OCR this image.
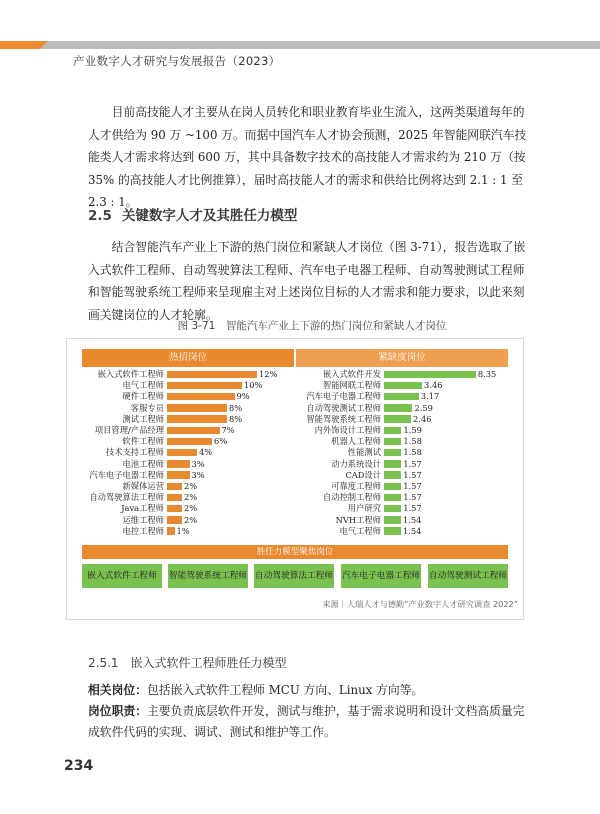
产业数字人才研究与发展报告（2023）
目前高技能人才主要从在岗人员转化和职业教育毕业生流入，这两类渠道每年的人才供给为 90 万 ~100 万。而据中国汽车人才协会预测，2025 年智能网联汽车技能类人才需求将达到 600 万，其中具备数字技术的高技能人才需求约为 210 万（按 35% 的高技能人才比例推算），届时高技能人才的需求和供给比例将达到 2.1 : 1 至 2.3 : 1。
2.5 关键数字人才及其胜任力模型
结合智能汽车产业上下游的热门岗位和紧缺人才岗位（图 3-71），报告选取了嵌入式软件工程师、自动驾驶算法工程师、汽车电子电器工程师、自动驾驶测试工程师和智能驾驶系统工程师来呈现雇主对上述岗位目标的人才需求和能力要求，以此来刻画关键岗位的人才轮廓。
图 3-71　智能汽车产业上下游的热门岗位和紧缺人才岗位
热招岗位	紧缺度岗位
嵌入式软件工程师	12%
电气工程师	10%
硬件工程师	9%
客服专员	8%
测试工程师	8%
项目管理/产品经理	7%
软件工程师	6%
技术支持工程师	4%
电池工程师	3%
汽车电子电器工程师	3%
新媒体运营 2%
自动驾驶算法工程师 2%
Java工程师 2%
运维工程师 2%
电控工程师 1%
嵌入式软件开发	8.35
智能网联工程师	3.46
汽车电子电器工程师	3.17
自动驾驶测试工程师	2.59
智能驾驶系统工程师	2.46
内外饰设计工程师	1.59
机器人工程师	1.58
性能测试	1.58
动力系统设计	1.57
CAD设计	1.57
可靠度工程师	1.57
自动控制工程师	1.57
用户研究	1.57
NVH工程师	1.54
电气工程师	1.54
胜任力模型聚焦岗位
嵌入式软件工程师	智能驾驶系统工程师 自动驾驶算法工程师 汽车电子电器工程师 自动驾驶测试工程师
来源｜人瑞人才与德勤“产业数字人才研究调查 2022”
2.5.1 嵌入式软件工程师胜任力模型
相关岗位：包括嵌入式软件工程师 MCU 方向、Linux 方向等。
岗位职责：主要负责底层软件开发，测试与维护，基于需求说明和设计文档高质量完成软件代码的实现、调试、测试和维护等工作。
234
